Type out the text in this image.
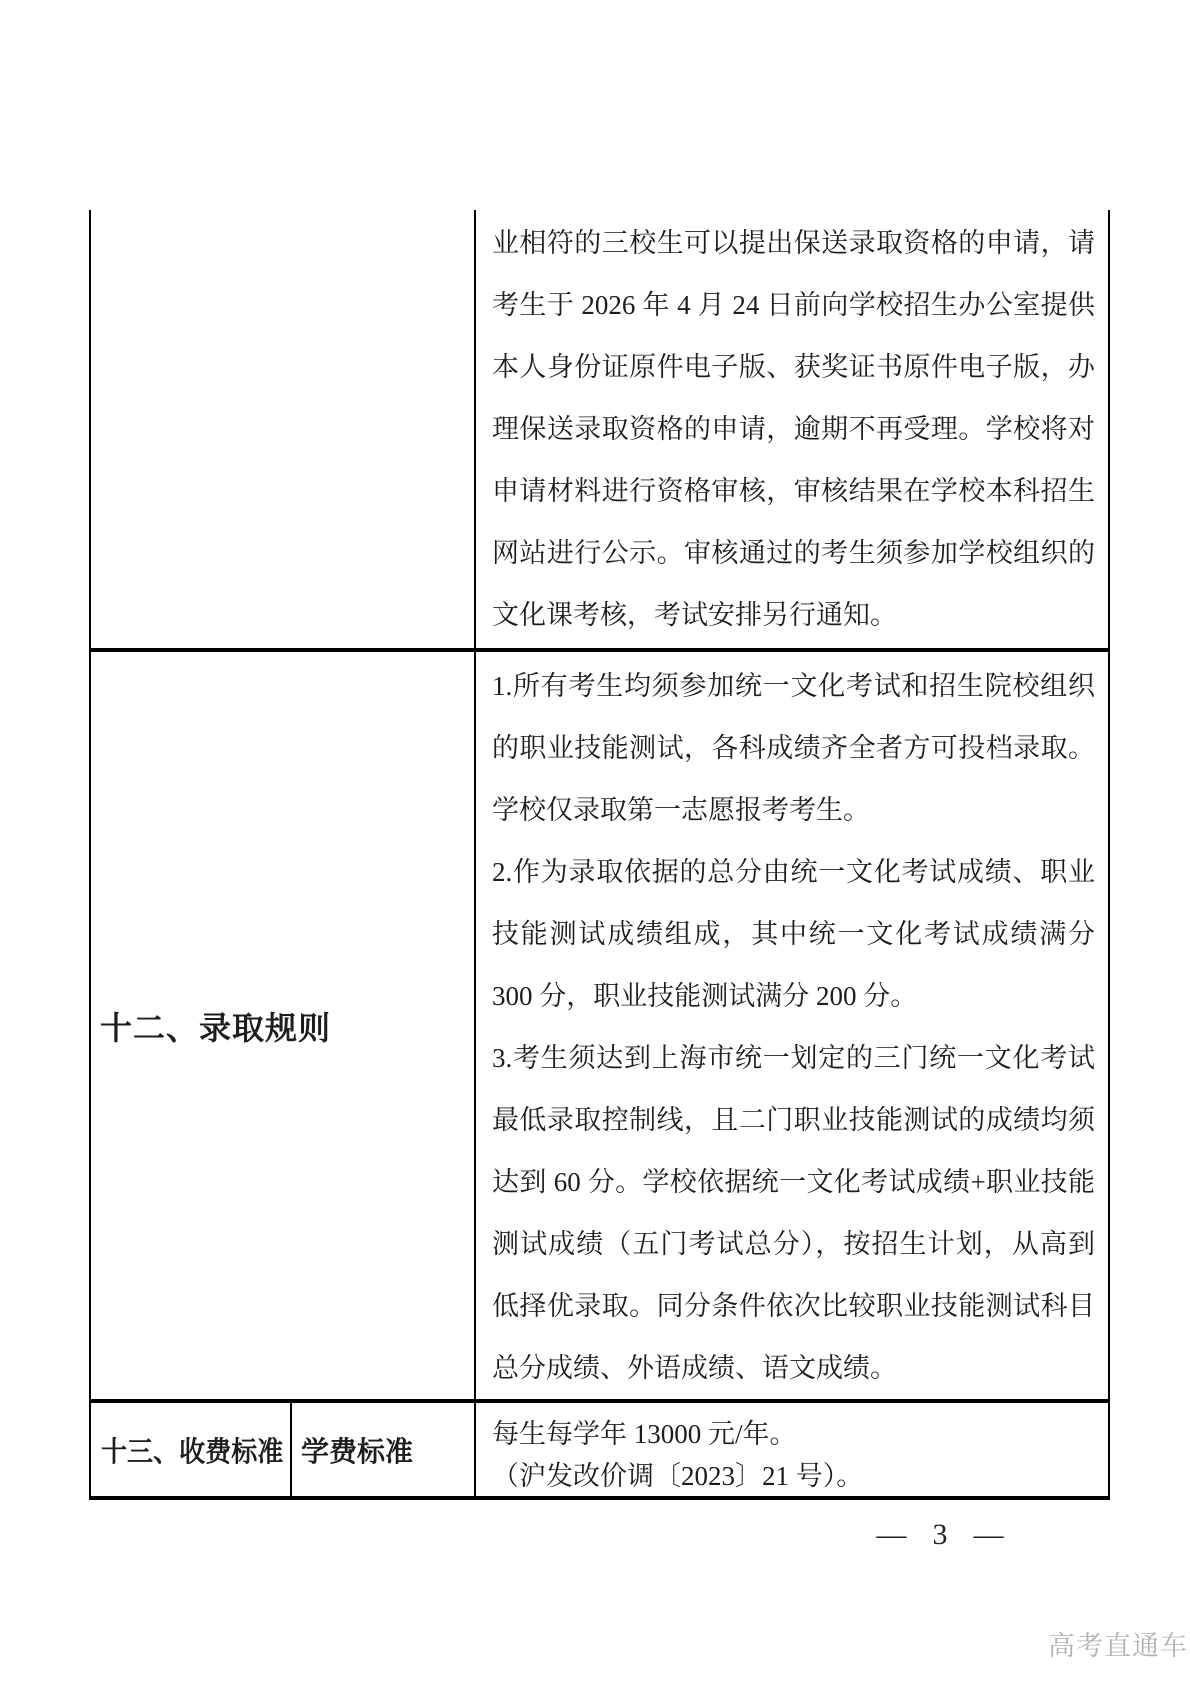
业相符的三校生可以提出保送录取资格的申请，请
考生于 2026 年 4 月 24 日前向学校招生办公室提供
本人身份证原件电子版、获奖证书原件电子版，办
理保送录取资格的申请，逾期不再受理。学校将对
申请材料进行资格审核，审核结果在学校本科招生
网站进行公示。审核通过的考生须参加学校组织的
文化课考核，考试安排另行通知。
十二、录取规则
1.所有考生均须参加统一文化考试和招生院校组织
的职业技能测试，各科成绩齐全者方可投档录取。
学校仅录取第一志愿报考考生。
2.作为录取依据的总分由统一文化考试成绩、职业
技能测试成绩组成，其中统一文化考试成绩满分
300 分，职业技能测试满分 200 分。
3.考生须达到上海市统一划定的三门统一文化考试
最低录取控制线，且二门职业技能测试的成绩均须
达到 60 分。学校依据统一文化考试成绩+职业技能
测试成绩（五门考试总分），按招生计划，从高到
低择优录取。同分条件依次比较职业技能测试科目
总分成绩、外语成绩、语文成绩。
十三、收费标准 学费标准
每生每学年 13000 元/年。
（沪发改价调〔2023〕21 号）。
— 3 —
高考直通车
